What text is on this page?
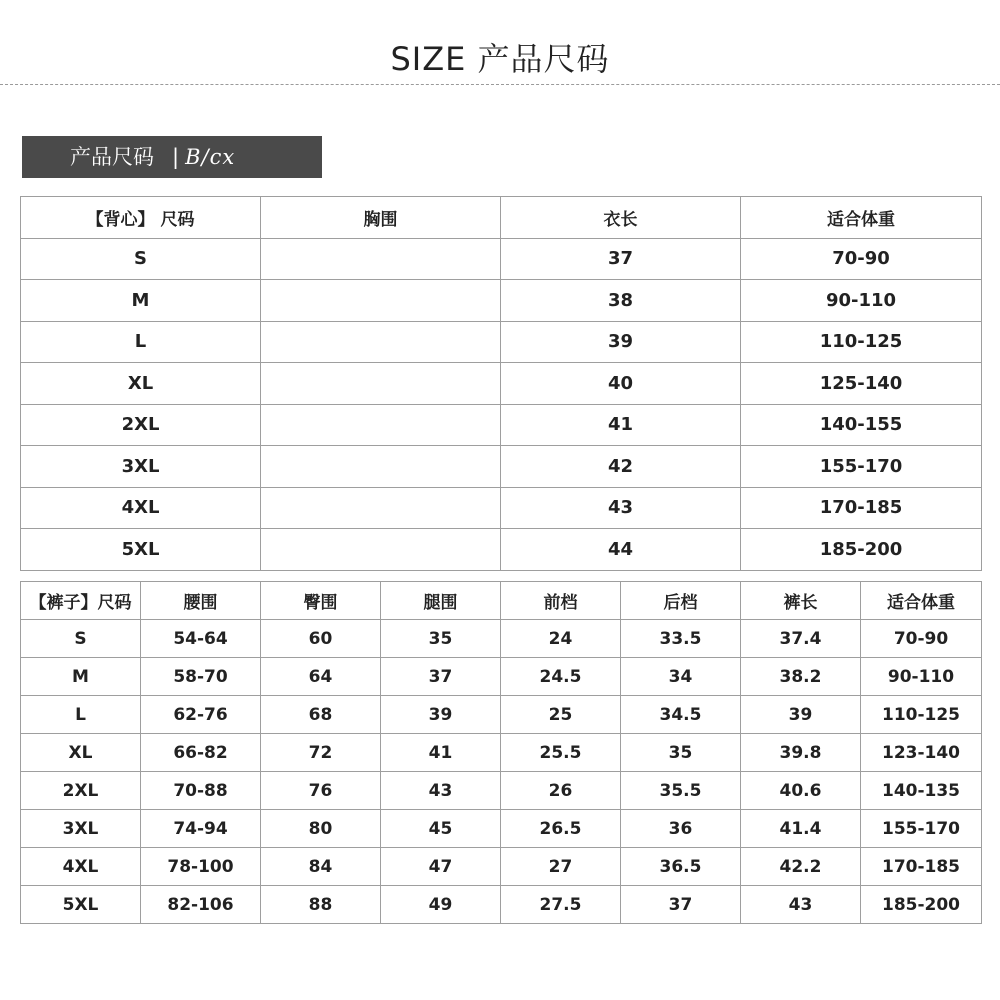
SIZE 产品尺码
产品尺码 | B/cx
【背心】 尺码	胸围	衣长	适合体重
S		37	70-90
M		38	90-110
L		39	110-125
XL		40	125-140
2XL		41	140-155
3XL		42	155-170
4XL		43	170-185
5XL		44	185-200
【裤子】尺码	腰围	臀围	腿围	前档	后档	裤长	适合体重
S	54-64	60	35	24	33.5	37.4	70-90
M	58-70	64	37	24.5	34	38.2	90-110
L	62-76	68	39	25	34.5	39	110-125
XL	66-82	72	41	25.5	35	39.8	123-140
2XL	70-88	76	43	26	35.5	40.6	140-135
3XL	74-94	80	45	26.5	36	41.4	155-170
4XL	78-100	84	47	27	36.5	42.2	170-185
5XL	82-106	88	49	27.5	37	43	185-200
